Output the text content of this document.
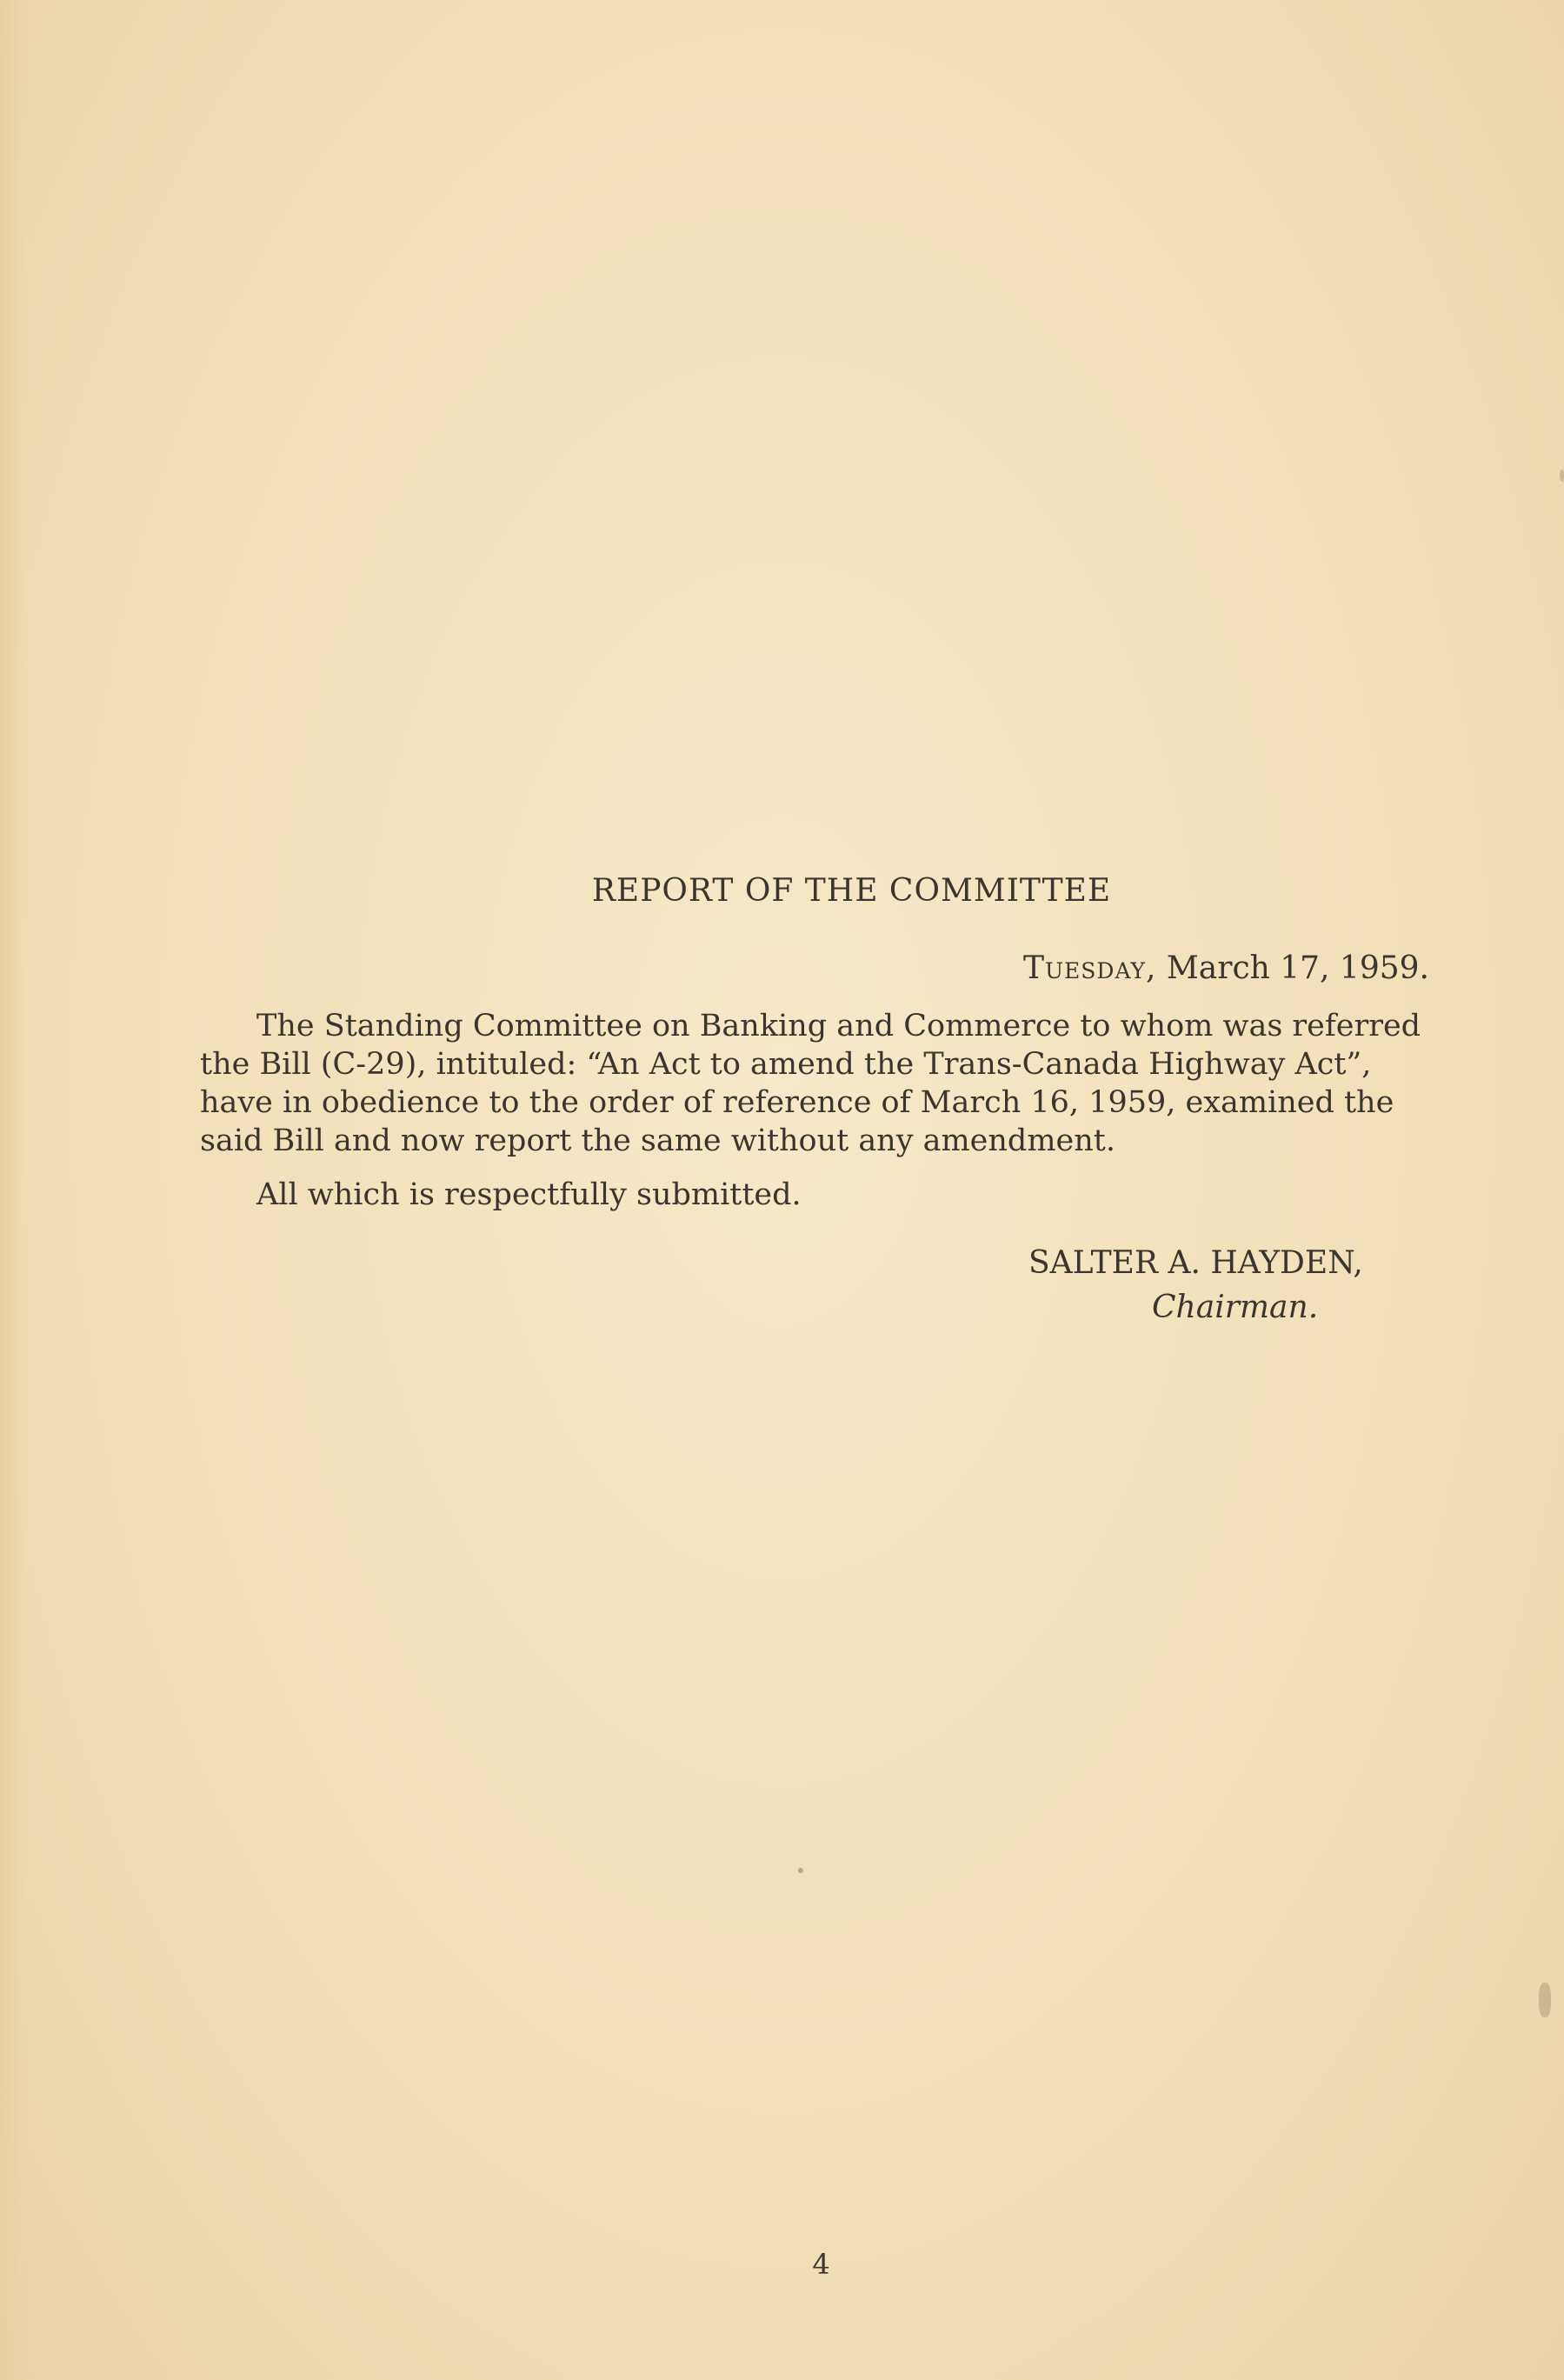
REPORT OF THE COMMITTEE
Tuesday, March 17, 1959.
The Standing Committee on Banking and Commerce to whom was referred
the Bill (C-29), intituled: “An Act to amend the Trans-Canada Highway Act”,
have in obedience to the order of reference of March 16, 1959, examined the
said Bill and now report the same without any amendment.
All which is respectfully submitted.
SALTER A. HAYDEN,
Chairman.
4
